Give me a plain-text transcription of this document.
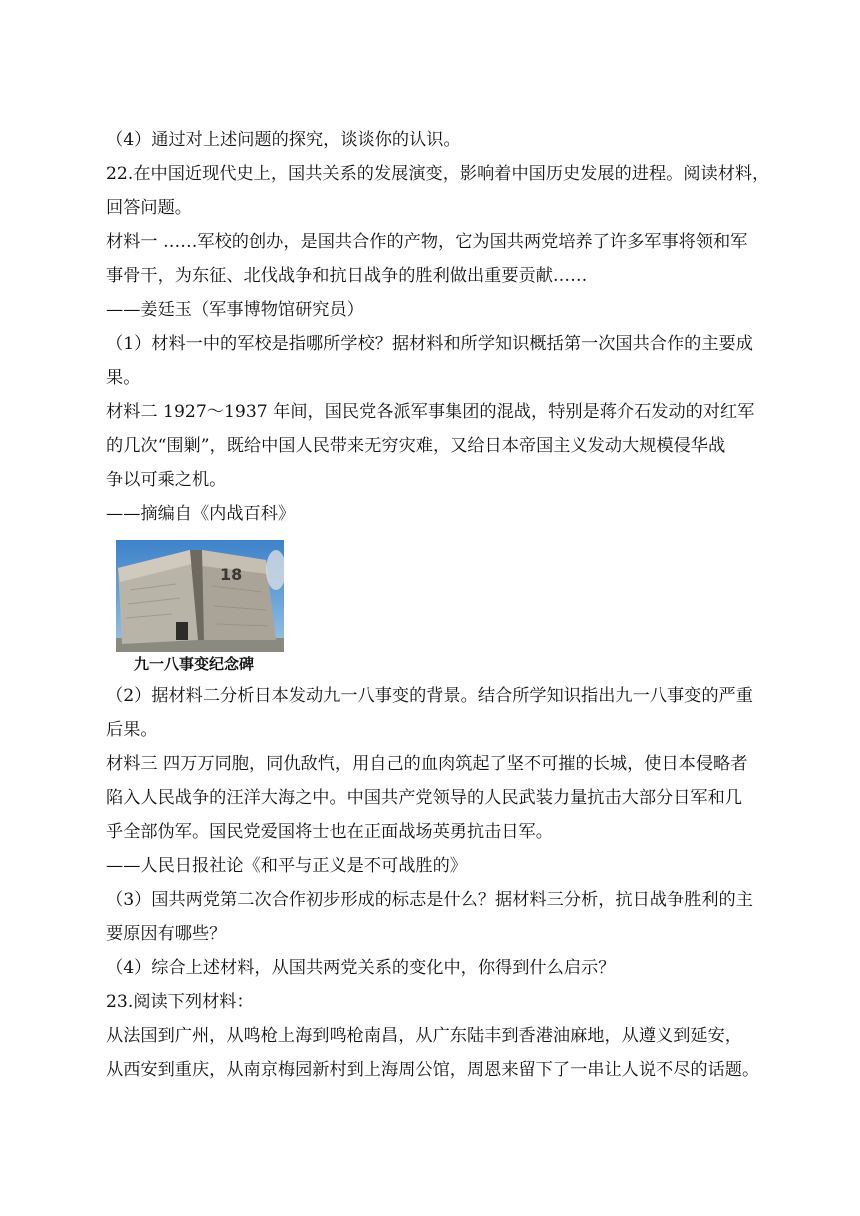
（4）通过对上述问题的探究，谈谈你的认识。
22.在中国近现代史上，国共关系的发展演变，影响着中国历史发展的进程。阅读材料，
回答问题。
材料一 ……军校的创办，是国共合作的产物，它为国共两党培养了许多军事将领和军
事骨干，为东征、北伐战争和抗日战争的胜利做出重要贡献……
——姜廷玉（军事博物馆研究员）
（1）材料一中的军校是指哪所学校？据材料和所学知识概括第一次国共合作的主要成
果。
材料二 1927～1937 年间，国民党各派军事集团的混战，特别是蒋介石发动的对红军
的几次“围剿”，既给中国人民带来无穷灾难，又给日本帝国主义发动大规模侵华战
争以可乘之机。
——摘编自《内战百科》
18
九一八事变纪念碑
（2）据材料二分析日本发动九一八事变的背景。结合所学知识指出九一八事变的严重
后果。
材料三 四万万同胞，同仇敌忾，用自己的血肉筑起了坚不可摧的长城，使日本侵略者
陷入人民战争的汪洋大海之中。中国共产党领导的人民武装力量抗击大部分日军和几
乎全部伪军。国民党爱国将士也在正面战场英勇抗击日军。
——人民日报社论《和平与正义是不可战胜的》
（3）国共两党第二次合作初步形成的标志是什么？据材料三分析，抗日战争胜利的主
要原因有哪些？
（4）综合上述材料，从国共两党关系的变化中，你得到什么启示？
23.阅读下列材料：
从法国到广州，从鸣枪上海到鸣枪南昌，从广东陆丰到香港油麻地，从遵义到延安，
从西安到重庆，从南京梅园新村到上海周公馆，周恩来留下了一串让人说不尽的话题。
